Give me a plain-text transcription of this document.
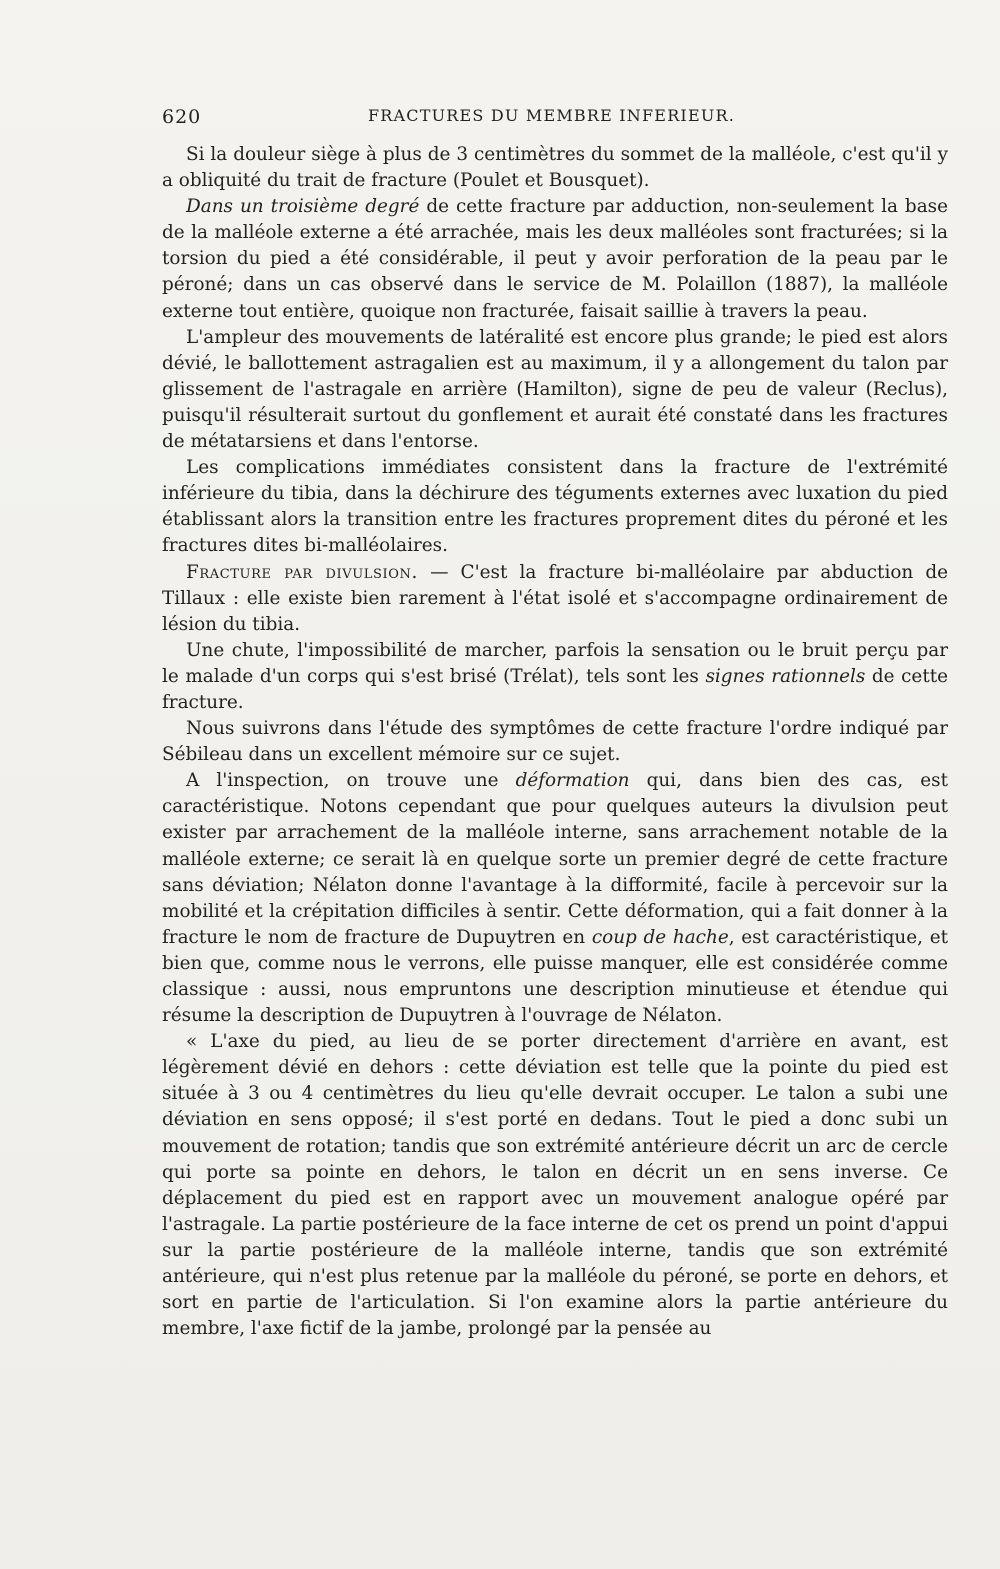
620	FRACTURES DU MEMBRE INFERIEUR.

Si la douleur siège à plus de 3 centimètres du sommet de la malléole, c'est qu'il y a obliquité du trait de fracture (Poulet et Bousquet).

Dans un troisième degré de cette fracture par adduction, non-seulement la base de la malléole externe a été arrachée, mais les deux malléoles sont fracturées; si la torsion du pied a été considérable, il peut y avoir perforation de la peau par le péroné; dans un cas observé dans le service de M. Polaillon (1887), la malléole externe tout entière, quoique non fracturée, faisait saillie à travers la peau.

L'ampleur des mouvements de latéralité est encore plus grande; le pied est alors dévié, le ballottement astragalien est au maximum, il y a allongement du talon par glissement de l'astragale en arrière (Hamilton), signe de peu de valeur (Reclus), puisqu'il résulterait surtout du gonflement et aurait été constaté dans les fractures de métatarsiens et dans l'entorse.

Les complications immédiates consistent dans la fracture de l'extrémité inférieure du tibia, dans la déchirure des téguments externes avec luxation du pied établissant alors la transition entre les fractures proprement dites du péroné et les fractures dites bi-malléolaires.

Fracture par divulsion. — C'est la fracture bi-malléolaire par abduction de Tillaux : elle existe bien rarement à l'état isolé et s'accompagne ordinairement de lésion du tibia.

Une chute, l'impossibilité de marcher, parfois la sensation ou le bruit perçu par le malade d'un corps qui s'est brisé (Trélat), tels sont les signes rationnels de cette fracture.

Nous suivrons dans l'étude des symptômes de cette fracture l'ordre indiqué par Sébileau dans un excellent mémoire sur ce sujet.

A l'inspection, on trouve une déformation qui, dans bien des cas, est caractéristique. Notons cependant que pour quelques auteurs la divulsion peut exister par arrachement de la malléole interne, sans arrachement notable de la malléole externe; ce serait là en quelque sorte un premier degré de cette fracture sans déviation; Nélaton donne l'avantage à la difformité, facile à percevoir sur la mobilité et la crépitation difficiles à sentir. Cette déformation, qui a fait donner à la fracture le nom de fracture de Dupuytren en coup de hache, est caractéristique, et bien que, comme nous le verrons, elle puisse manquer, elle est considérée comme classique : aussi, nous empruntons une description minutieuse et étendue qui résume la description de Dupuytren à l'ouvrage de Nélaton.

« L'axe du pied, au lieu de se porter directement d'arrière en avant, est légèrement dévié en dehors : cette déviation est telle que la pointe du pied est située à 3 ou 4 centimètres du lieu qu'elle devrait occuper. Le talon a subi une déviation en sens opposé; il s'est porté en dedans. Tout le pied a donc subi un mouvement de rotation; tandis que son extrémité antérieure décrit un arc de cercle qui porte sa pointe en dehors, le talon en décrit un en sens inverse. Ce déplacement du pied est en rapport avec un mouvement analogue opéré par l'astragale. La partie postérieure de la face interne de cet os prend un point d'appui sur la partie postérieure de la malléole interne, tandis que son extrémité antérieure, qui n'est plus retenue par la malléole du péroné, se porte en dehors, et sort en partie de l'articulation. Si l'on examine alors la partie antérieure du membre, l'axe fictif de la jambe, prolongé par la pensée au
